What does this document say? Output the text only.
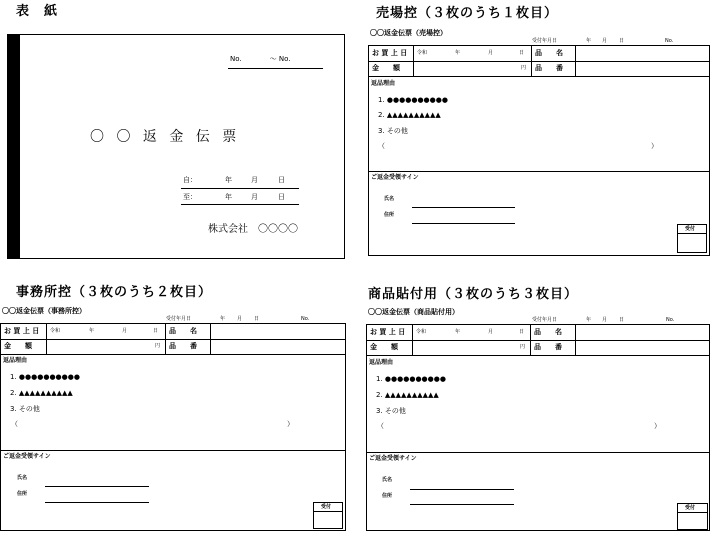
表　紙
No.　　　　～ No.
〇 〇 返 金 伝 票
自：	年	月	日
至：	年	月	日
株式会社　〇〇〇〇
売場控（３枚のうち１枚目）
〇〇返金伝票（売場控）
受付年月日	年 月 日	No.
お 買 上 日 令和	年	月	日 品　　名
金　　額	円 品　　番
返品理由
1. ●●●●●●●●●●
2. ▲▲▲▲▲▲▲▲▲▲
3. その他
（	）
ご返金受領サイン
氏名
住所
受付
事務所控（３枚のうち２枚目）
〇〇返金伝票（事務所控）
受付年月日	年 月 日	No.
お 買 上 日 令和	年	月	日 品　　名
金　　額	円 品　　番
返品理由
1. ●●●●●●●●●●
2. ▲▲▲▲▲▲▲▲▲▲
3. その他
（	）
ご返金受領サイン
氏名
住所
受付
商品貼付用（３枚のうち３枚目）
〇〇返金伝票（商品貼付用）
受付年月日	年 月 日	No.
お 買 上 日 令和	年	月	日 品　　名
金　　額	円 品　　番
返品理由
1. ●●●●●●●●●●
2. ▲▲▲▲▲▲▲▲▲▲
3. その他
（	）
ご返金受領サイン
氏名
住所
受付
